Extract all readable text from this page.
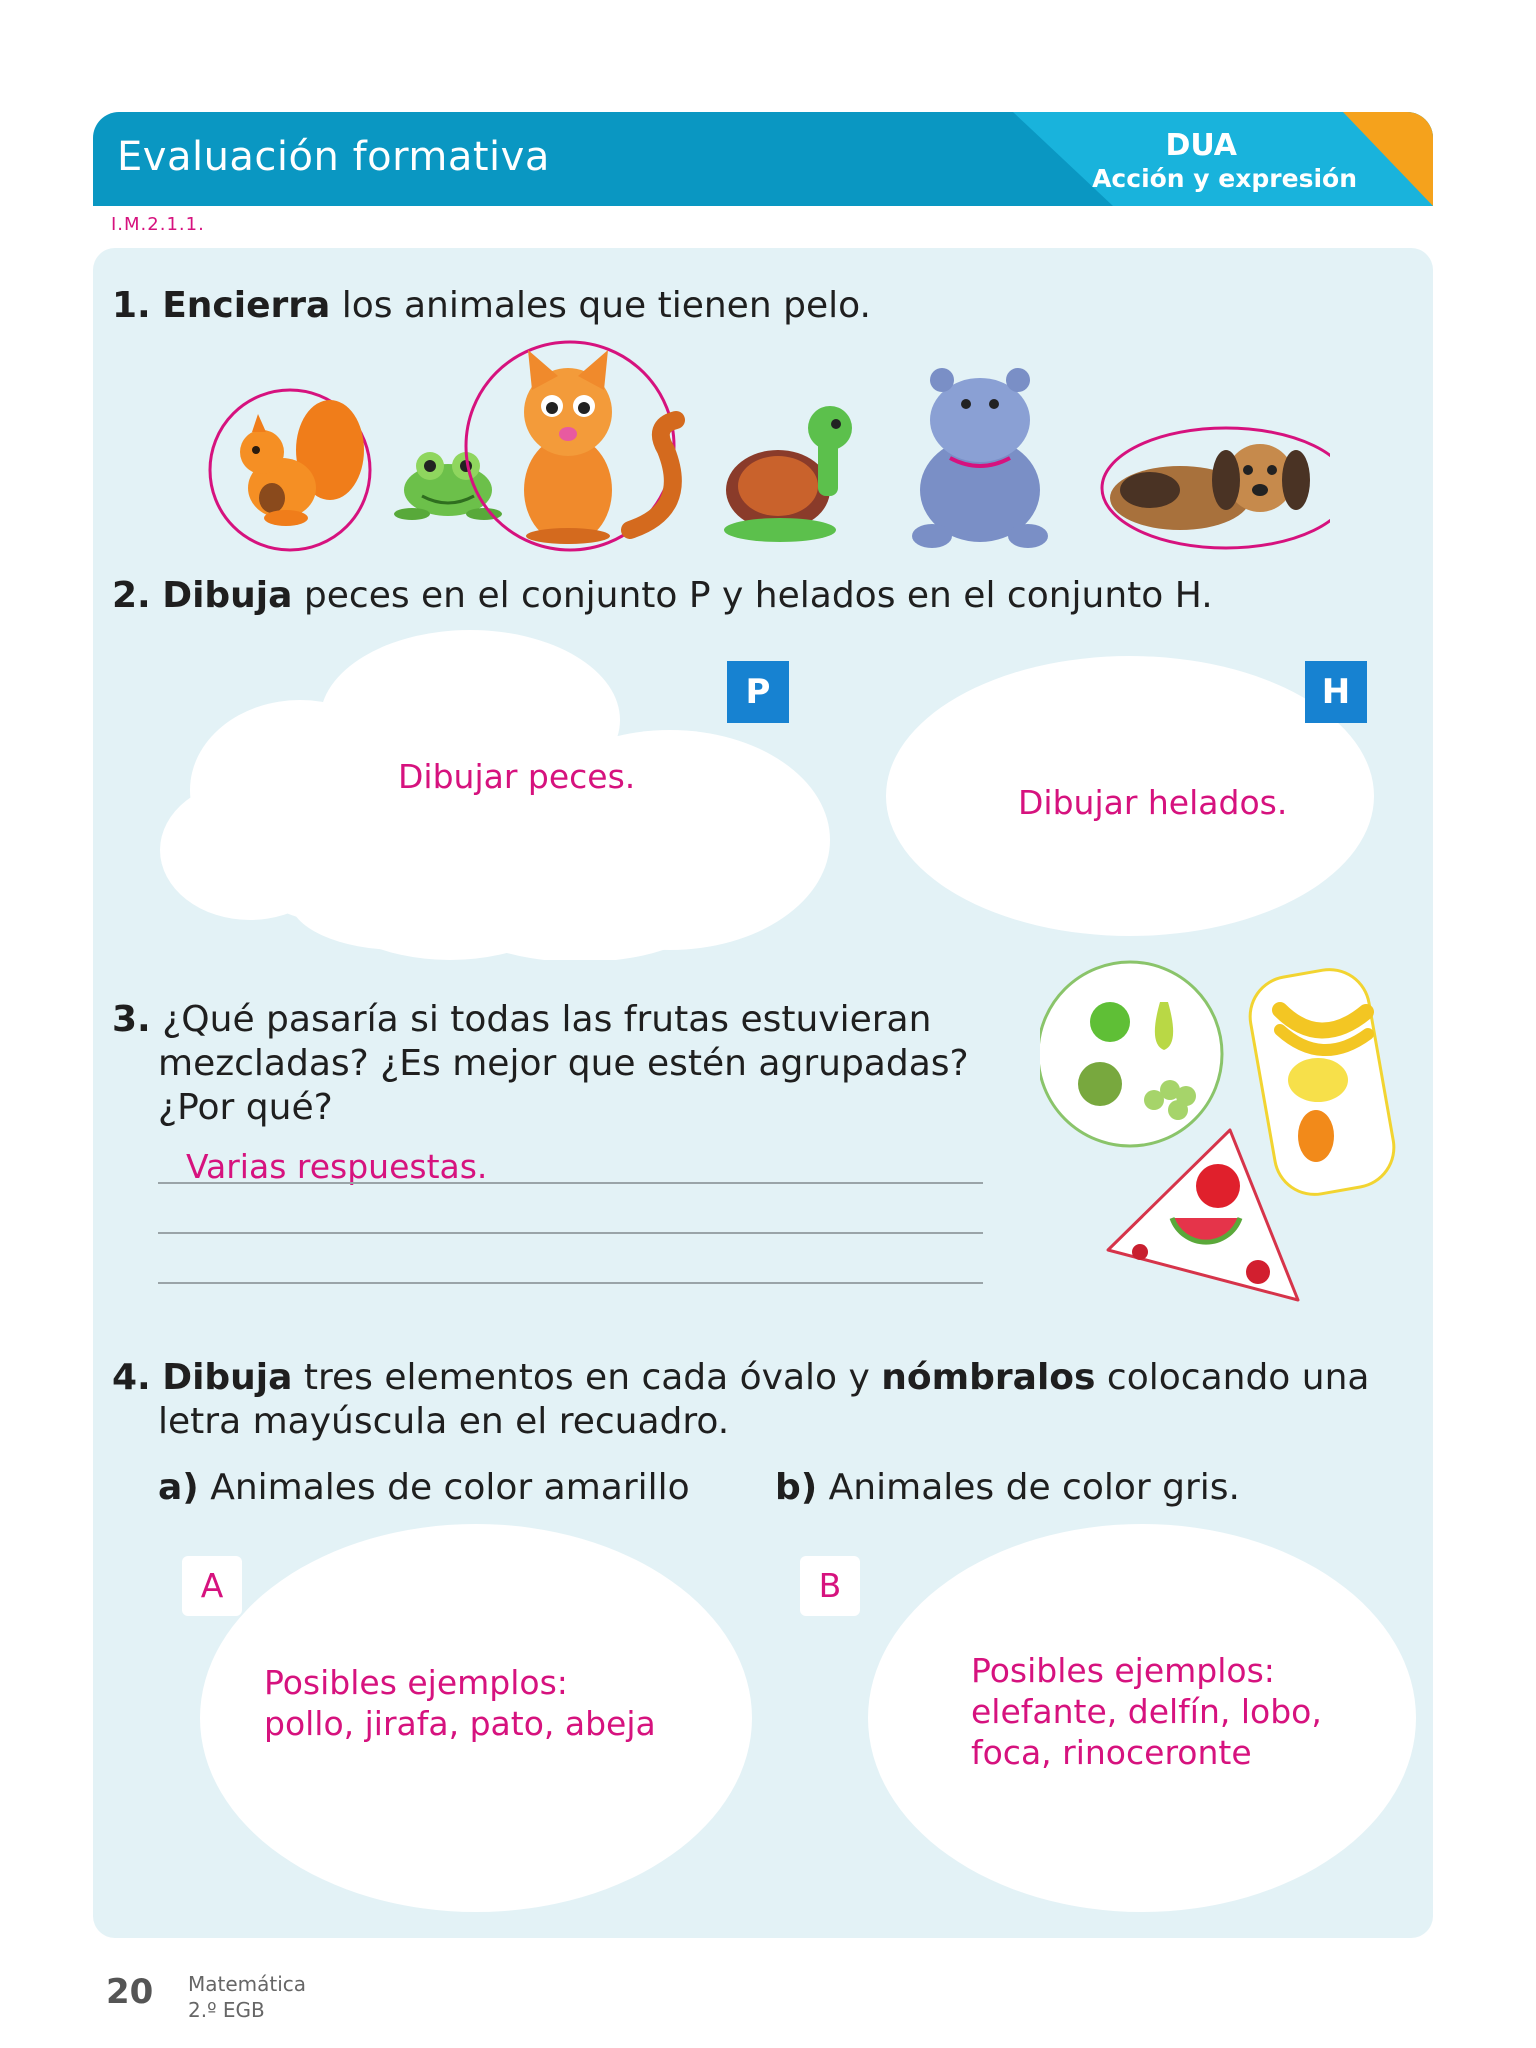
Evaluación formativa	DUA
Acción y expresión
I.M.2.1.1.
1. Encierra los animales que tienen pelo.
2. Dibuja peces en el conjunto P y helados en el conjunto H.
P	H
Dibujar peces.
Dibujar helados.
3. ¿Qué pasaría si todas las frutas estuvieran
mezcladas? ¿Es mejor que estén agrupadas?
¿Por qué?
Varias respuestas.
4. Dibuja tres elementos en cada óvalo y nómbralos colocando una
letra mayúscula en el recuadro.
a) Animales de color amarillo b) Animales de color gris.
A	B
Posibles ejemplos:
pollo, jirafa, pato, abeja
Posibles ejemplos:
elefante, delfín, lobo,
foca, rinoceronte
20 Matemática
2.º EGB
